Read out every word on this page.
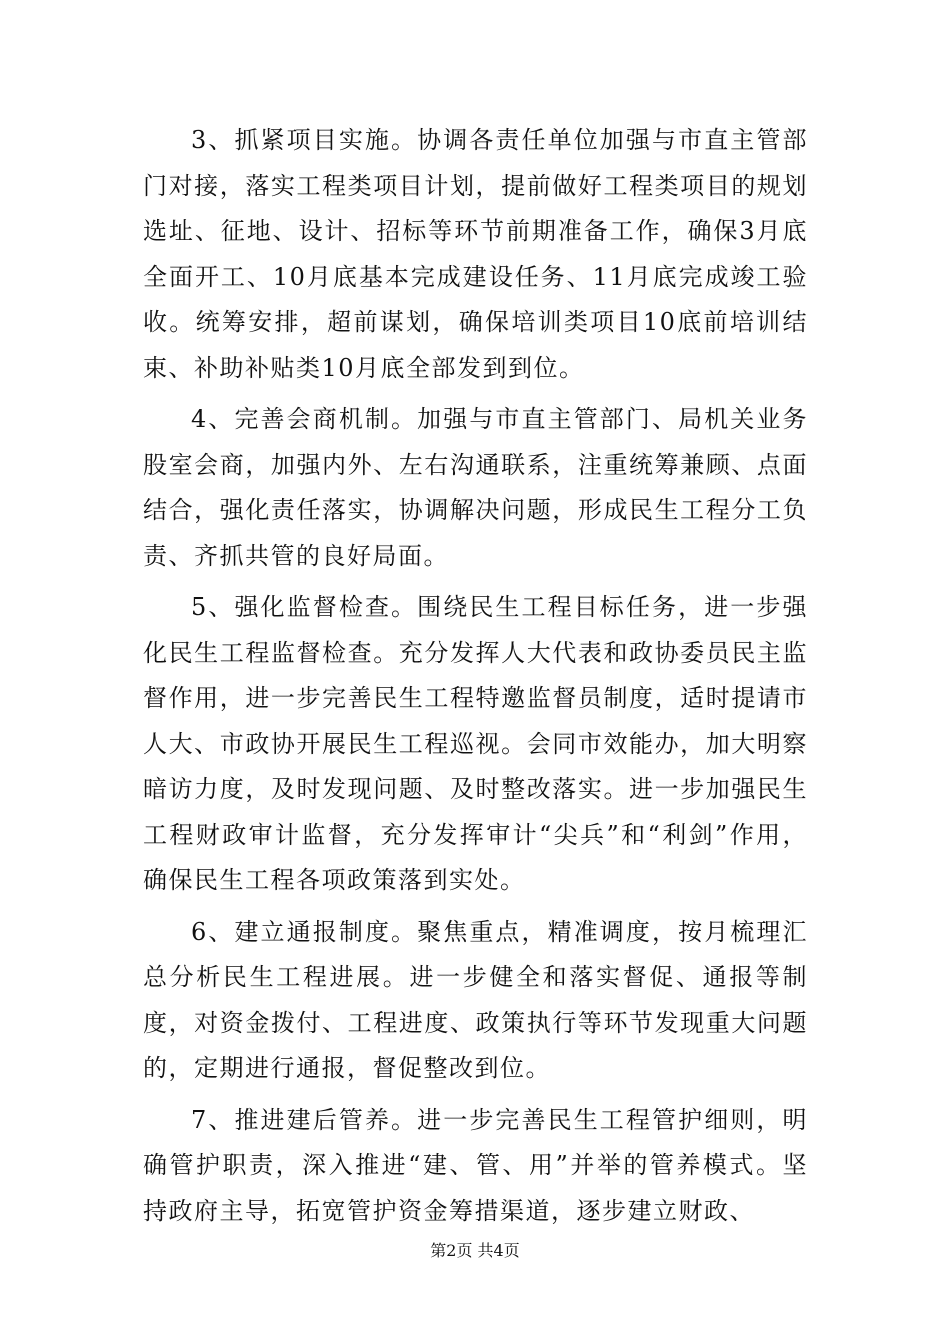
3、抓紧项目实施。协调各责任单位加强与市直主管部门对接，落实工程类项目计划，提前做好工程类项目的规划选址、征地、设计、招标等环节前期准备工作，确保3月底全面开工、10月底基本完成建设任务、11月底完成竣工验收。统筹安排，超前谋划，确保培训类项目10底前培训结束、补助补贴类10月底全部发到到位。

4、完善会商机制。加强与市直主管部门、局机关业务股室会商，加强内外、左右沟通联系，注重统筹兼顾、点面结合，强化责任落实，协调解决问题，形成民生工程分工负责、齐抓共管的良好局面。

5、强化监督检查。围绕民生工程目标任务，进一步强化民生工程监督检查。充分发挥人大代表和政协委员民主监督作用，进一步完善民生工程特邀监督员制度，适时提请市人大、市政协开展民生工程巡视。会同市效能办，加大明察暗访力度，及时发现问题、及时整改落实。进一步加强民生工程财政审计监督，充分发挥审计“尖兵”和“利剑”作用，确保民生工程各项政策落到实处。

6、建立通报制度。聚焦重点，精准调度，按月梳理汇总分析民生工程进展。进一步健全和落实督促、通报等制度，对资金拨付、工程进度、政策执行等环节发现重大问题的，定期进行通报，督促整改到位。

7、推进建后管养。进一步完善民生工程管护细则，明确管护职责，深入推进“建、管、用”并举的管养模式。坚持政府主导，拓宽管护资金筹措渠道，逐步建立财政、

第2页 共4页
